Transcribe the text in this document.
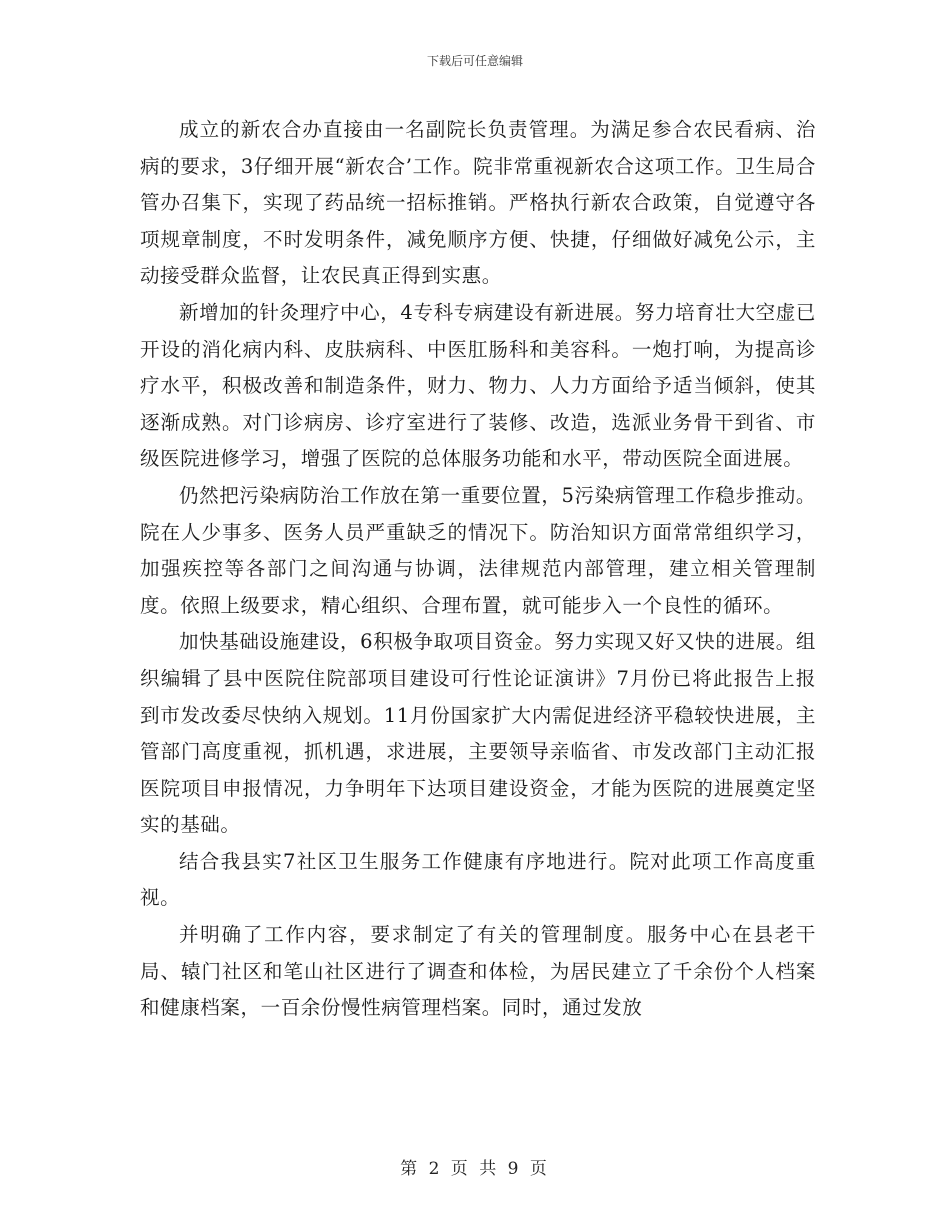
下载后可任意编辑

成立的新农合办直接由一名副院长负责管理。为满足参合农民看病、治病的要求，3仔细开展“新农合’工作。院非常重视新农合这项工作。卫生局合管办召集下，实现了药品统一招标推销。严格执行新农合政策，自觉遵守各项规章制度，不时发明条件，减免顺序方便、快捷，仔细做好减免公示，主动接受群众监督，让农民真正得到实惠。

新增加的针灸理疗中心，4专科专病建设有新进展。努力培育壮大空虚已开设的消化病内科、皮肤病科、中医肛肠科和美容科。一炮打响，为提高诊疗水平，积极改善和制造条件，财力、物力、人力方面给予适当倾斜，使其逐渐成熟。对门诊病房、诊疗室进行了装修、改造，选派业务骨干到省、市级医院进修学习，增强了医院的总体服务功能和水平，带动医院全面进展。

仍然把污染病防治工作放在第一重要位置，5污染病管理工作稳步推动。院在人少事多、医务人员严重缺乏的情况下。防治知识方面常常组织学习，加强疾控等各部门之间沟通与协调，法律规范内部管理，建立相关管理制度。依照上级要求，精心组织、合理布置，就可能步入一个良性的循环。

加快基础设施建设，6积极争取项目资金。努力实现又好又快的进展。组织编辑了县中医院住院部项目建设可行性论证演讲》7月份已将此报告上报到市发改委尽快纳入规划。11月份国家扩大内需促进经济平稳较快进展，主管部门高度重视，抓机遇，求进展，主要领导亲临省、市发改部门主动汇报医院项目申报情况，力争明年下达项目建设资金，才能为医院的进展奠定坚实的基础。

结合我县实7社区卫生服务工作健康有序地进行。院对此项工作高度重视。

并明确了工作内容，要求制定了有关的管理制度。服务中心在县老干局、辕门社区和笔山社区进行了调查和体检，为居民建立了千余份个人档案和健康档案，一百余份慢性病管理档案。同时，通过发放

第 2 页 共 9 页
